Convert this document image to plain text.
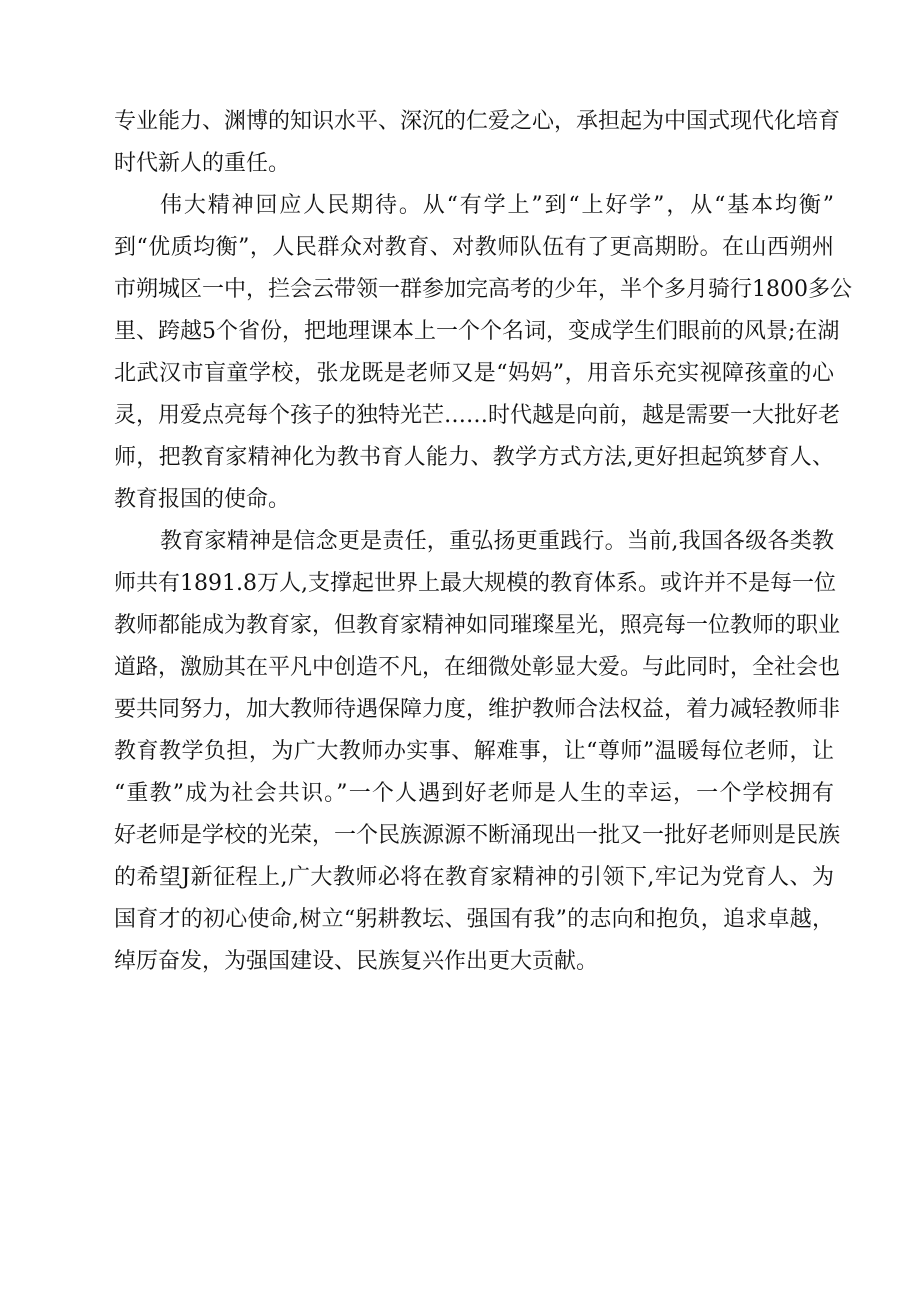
专业能力、渊博的知识水平、深沉的仁爱之心，承担起为中国式现代化培育
时代新人的重任。
伟大精神回应人民期待。从“有学上”到“上好学”，从“基本均衡”
到“优质均衡”，人民群众对教育、对教师队伍有了更高期盼。在山西朔州
市朔城区一中，拦会云带领一群参加完高考的少年，半个多月骑行1800多公
里、跨越5个省份，把地理课本上一个个名词，变成学生们眼前的风景;在湖
北武汉市盲童学校，张龙既是老师又是“妈妈”，用音乐充实视障孩童的心
灵，用爱点亮每个孩子的独特光芒……时代越是向前，越是需要一大批好老
师，把教育家精神化为教书育人能力、教学方式方法,更好担起筑梦育人、
教育报国的使命。
教育家精神是信念更是责任，重弘扬更重践行。当前,我国各级各类教
师共有1891.8万人,支撑起世界上最大规模的教育体系。或许并不是每一位
教师都能成为教育家，但教育家精神如同璀璨星光，照亮每一位教师的职业
道路，激励其在平凡中创造不凡，在细微处彰显大爱。与此同时，全社会也
要共同努力，加大教师待遇保障力度，维护教师合法权益，着力减轻教师非
教育教学负担，为广大教师办实事、解难事，让“尊师”温暖每位老师，让
“重教”成为社会共识。”一个人遇到好老师是人生的幸运，一个学校拥有
好老师是学校的光荣，一个民族源源不断涌现出一批又一批好老师则是民族
的希望J新征程上,广大教师必将在教育家精神的引领下,牢记为党育人、为
国育才的初心使命,树立“躬耕教坛、强国有我”的志向和抱负，追求卓越，
绰厉奋发，为强国建设、民族复兴作出更大贡献。
